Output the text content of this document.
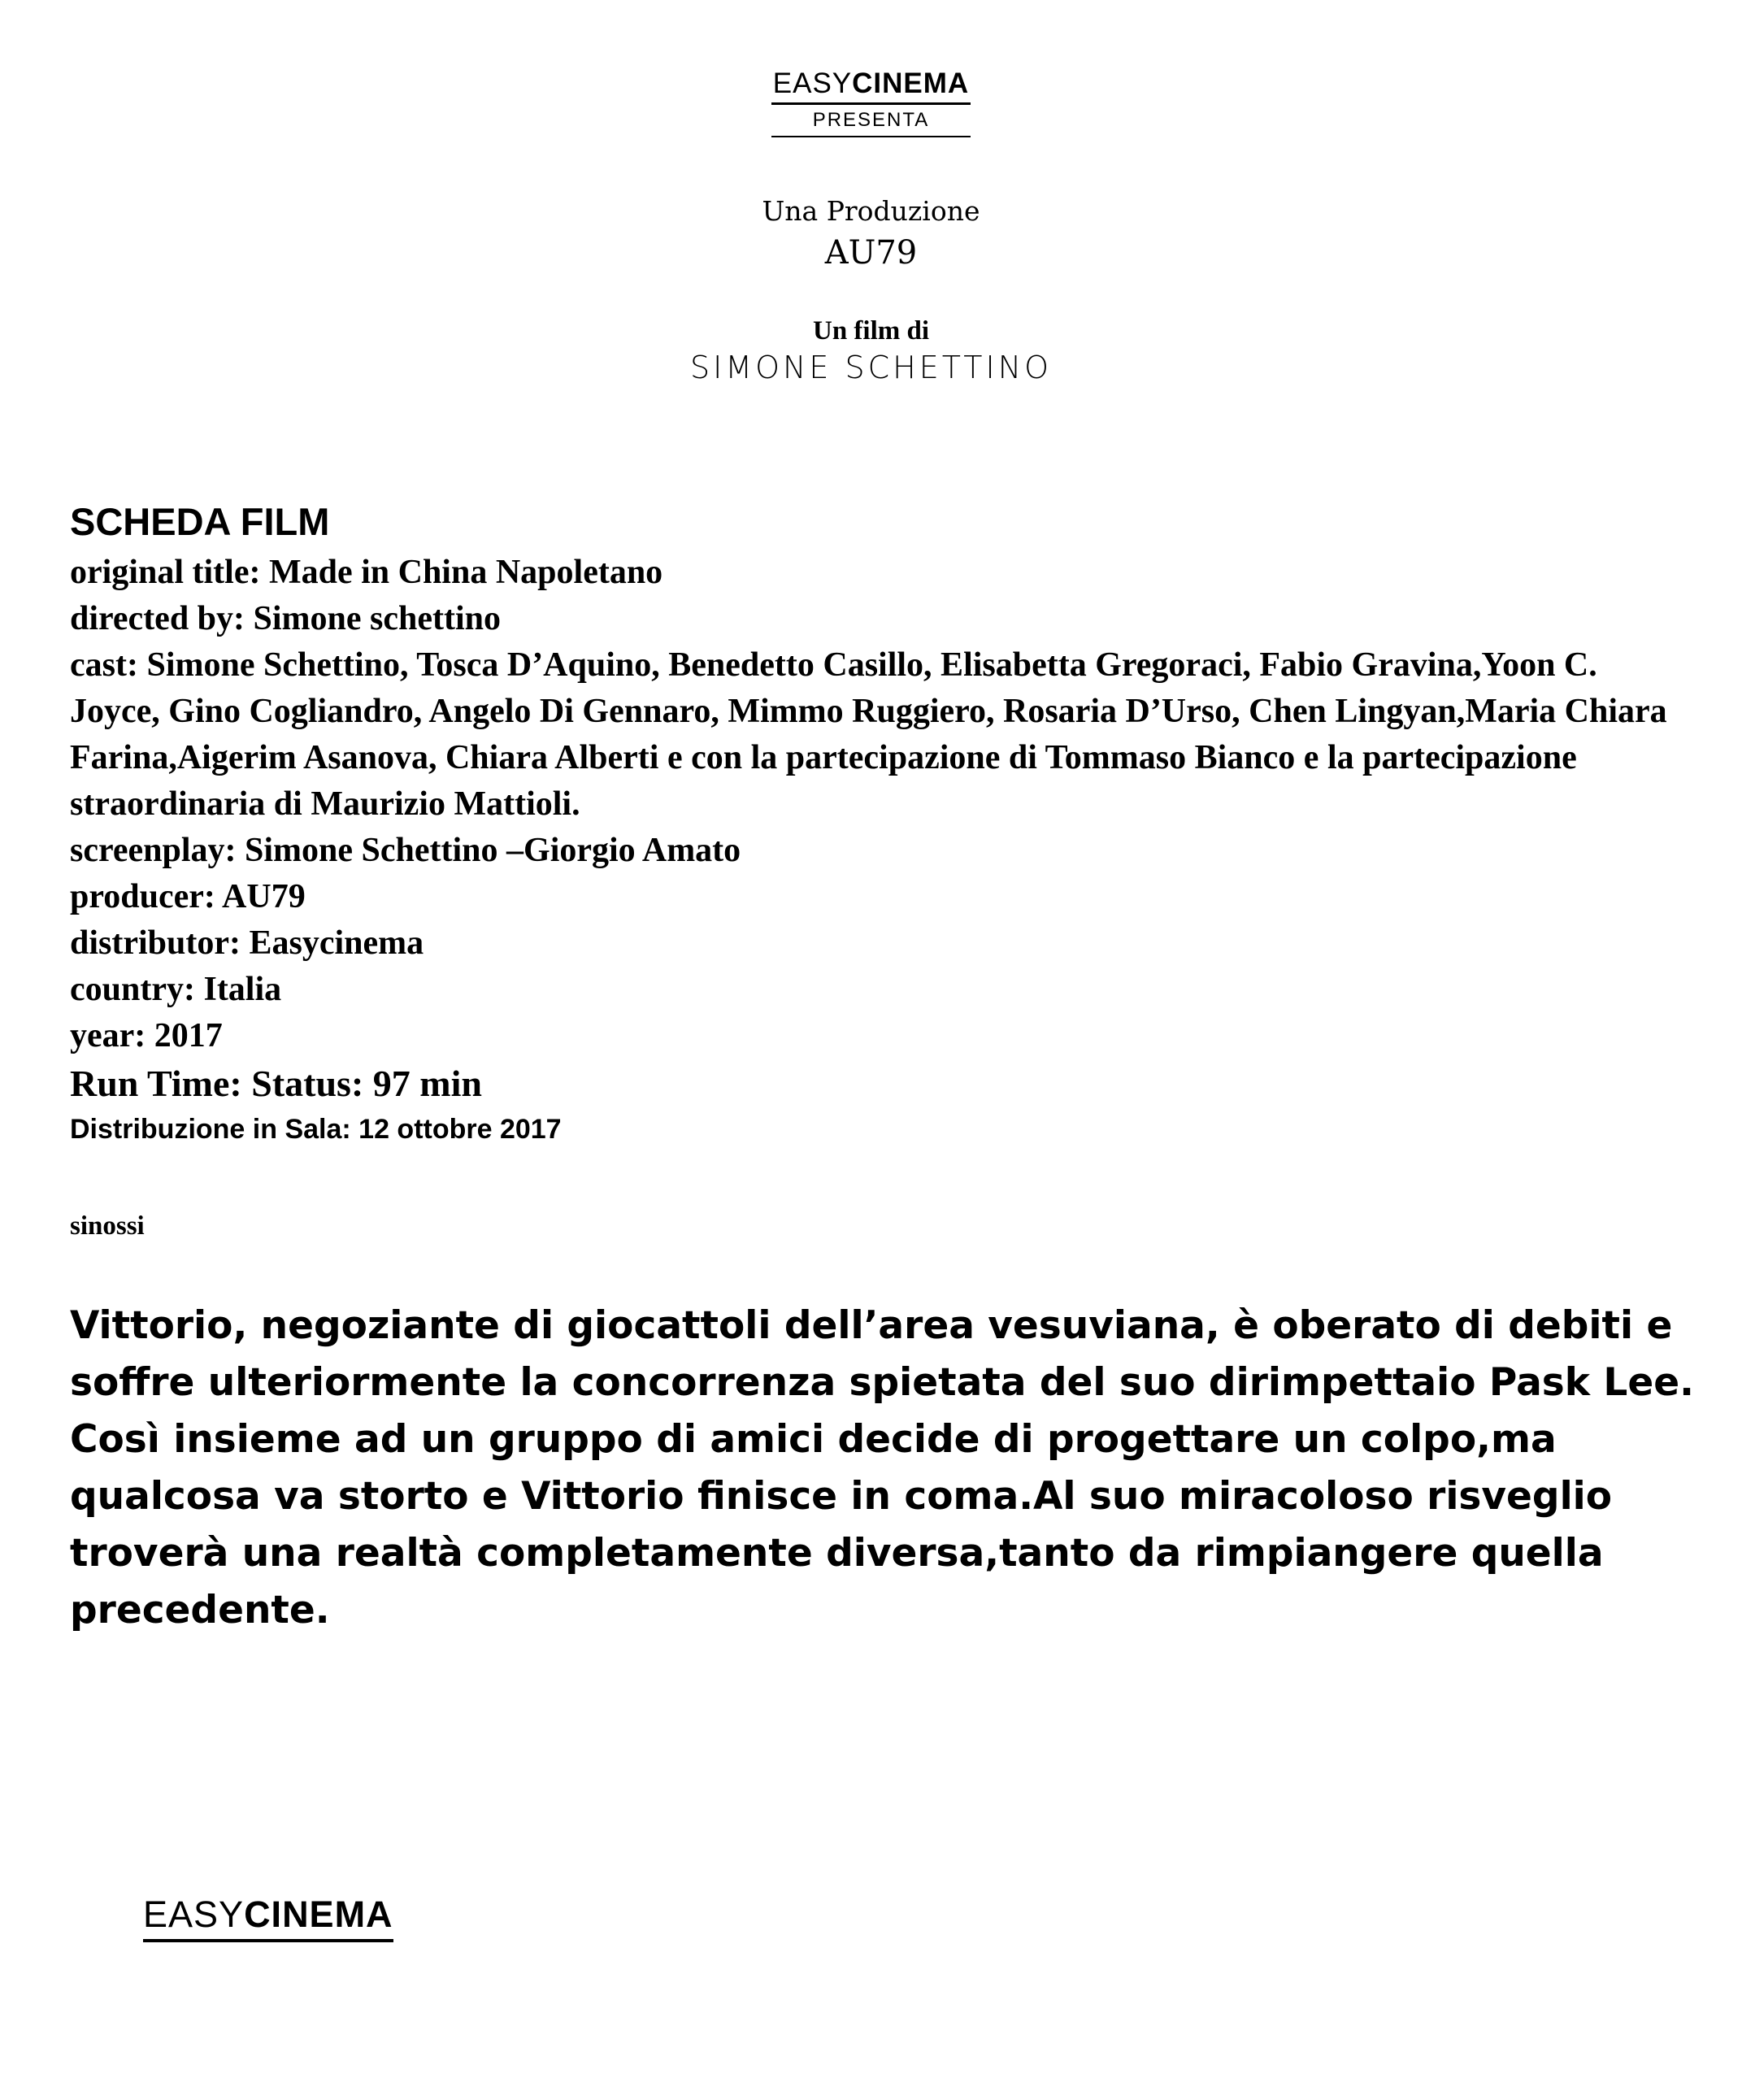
EASYCINEMA
PRESENTA
Una Produzione
AU79
Un film di
SIMONE SCHETTINO
SCHEDA FILM

original title: Made in China Napoletano

directed by: Simone schettino

cast: Simone Schettino, Tosca D’Aquino, Benedetto Casillo, Elisabetta Gregoraci, Fabio Gravina,Yoon C. Joyce, Gino Cogliandro, Angelo Di Gennaro, Mimmo Ruggiero, Rosaria D’Urso, Chen Lingyan,Maria Chiara Farina,Aigerim Asanova, Chiara Alberti e con la partecipazione di Tommaso Bianco e la partecipazione straordinaria di Maurizio Mattioli.

screenplay: Simone Schettino –Giorgio Amato

producer: AU79

distributor: Easycinema

country: Italia

year: 2017

Run Time: Status: 97 min

Distribuzione in Sala: 12 ottobre 2017

sinossi

Vittorio, negoziante di giocattoli dell’area vesuviana, è oberato di debiti e soffre ulteriormente la concorrenza spietata del suo dirimpettaio Pask Lee. Così insieme ad un gruppo di amici decide di progettare un colpo,ma qualcosa va storto e Vittorio finisce in coma.Al suo miracoloso risveglio troverà una realtà completamente diversa,tanto da rimpiangere quella precedente.

EASYCINEMA
